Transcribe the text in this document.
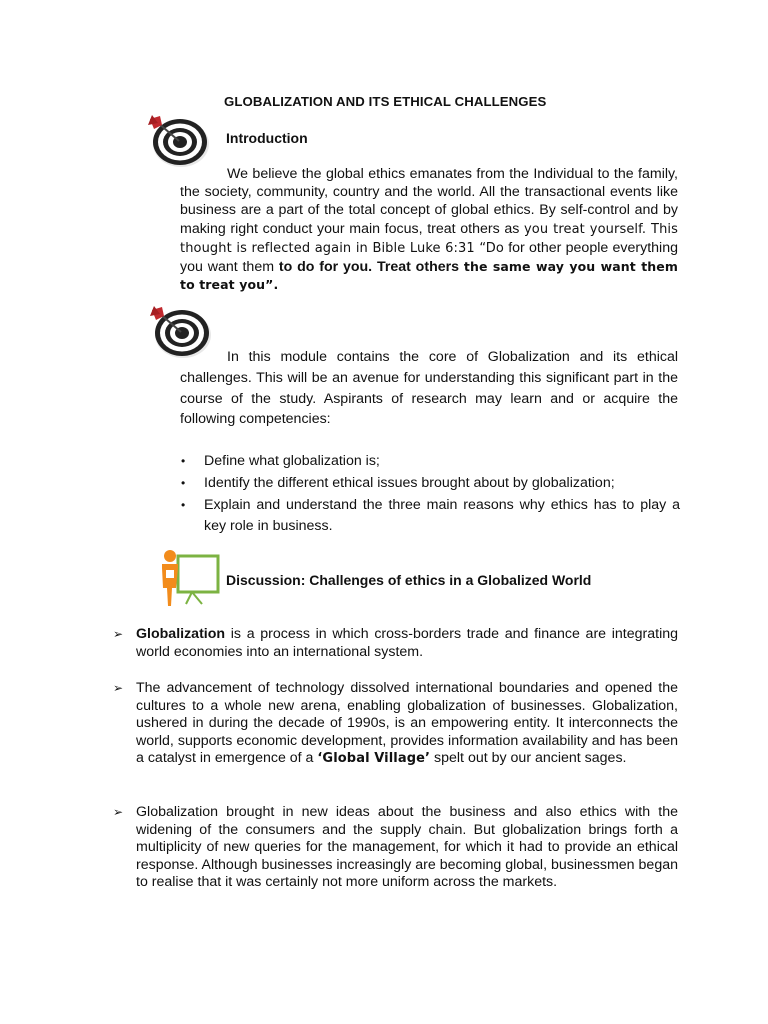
GLOBALIZATION AND ITS ETHICAL CHALLENGES
Introduction
We believe the global ethics emanates from the Individual to the family, the society, community, country and the world. All the transactional events like business are a part of the total concept of global ethics. By self-control and by making right conduct your main focus, treat others as you treat yourself. This thought is reflected again in Bible Luke 6:31 “Do for other people everything you want them to do for you. Treat others the same way you want them to treat you”.
In this module contains the core of Globalization and its ethical challenges. This will be an avenue for understanding this significant part in the course of the study. Aspirants of research may learn and or acquire the following competencies:
• Define what globalization is;
• Identify the different ethical issues brought about by globalization;
• Explain and understand the three main reasons why ethics has to play a key role in business.
Discussion: Challenges of ethics in a Globalized World
➢ Globalization is a process in which cross-borders trade and finance are integrating world economies into an international system.
➢ The advancement of technology dissolved international boundaries and opened the cultures to a whole new arena, enabling globalization of businesses. Globalization, ushered in during the decade of 1990s, is an empowering entity. It interconnects the world, supports economic development, provides information availability and has been a catalyst in emergence of a ‘Global Village’ spelt out by our ancient sages.
➢ Globalization brought in new ideas about the business and also ethics with the widening of the consumers and the supply chain. But globalization brings forth a multiplicity of new queries for the management, for which it had to provide an ethical response. Although businesses increasingly are becoming global, businessmen began to realise that it was certainly not more uniform across the markets.
